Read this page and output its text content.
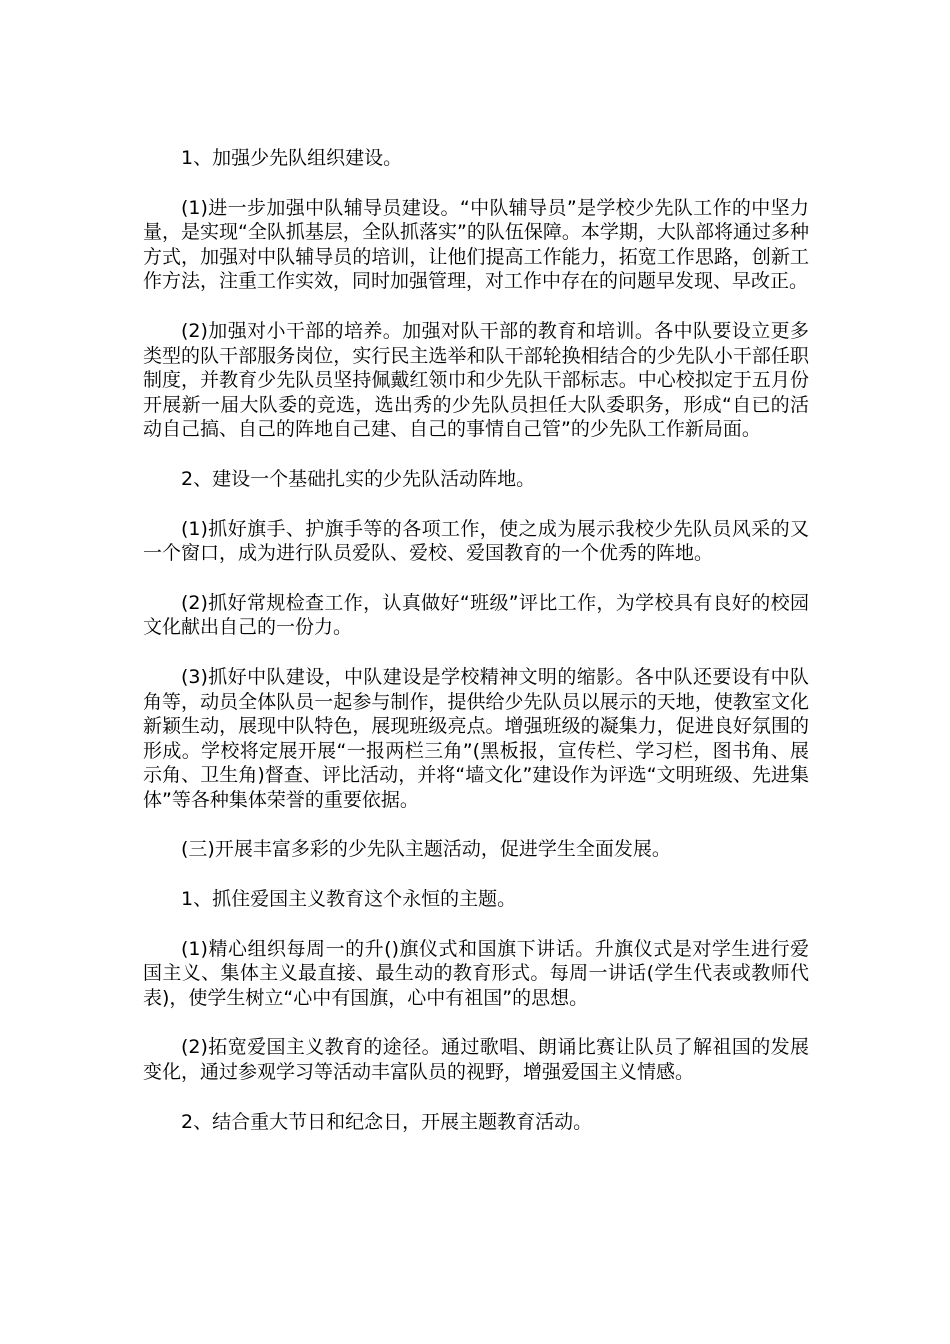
1、加强少先队组织建设。

(1)进一步加强中队辅导员建设。“中队辅导员”是学校少先队工作的中坚力量，是实现“全队抓基层，全队抓落实”的队伍保障。本学期，大队部将通过多种方式，加强对中队辅导员的培训，让他们提高工作能力，拓宽工作思路，创新工作方法，注重工作实效，同时加强管理，对工作中存在的问题早发现、早改正。

(2)加强对小干部的培养。加强对队干部的教育和培训。各中队要设立更多类型的队干部服务岗位，实行民主选举和队干部轮换相结合的少先队小干部任职制度，并教育少先队员坚持佩戴红领巾和少先队干部标志。中心校拟定于五月份开展新一届大队委的竞选，选出秀的少先队员担任大队委职务，形成“自已的活动自己搞、自己的阵地自己建、自己的事情自己管”的少先队工作新局面。

2、建设一个基础扎实的少先队活动阵地。

(1)抓好旗手、护旗手等的各项工作，使之成为展示我校少先队员风采的又一个窗口，成为进行队员爱队、爱校、爱国教育的一个优秀的阵地。

(2)抓好常规检查工作，认真做好“班级”评比工作，为学校具有良好的校园文化献出自己的一份力。

(3)抓好中队建设，中队建设是学校精神文明的缩影。各中队还要设有中队角等，动员全体队员一起参与制作，提供给少先队员以展示的天地，使教室文化新颖生动，展现中队特色，展现班级亮点。增强班级的凝集力，促进良好氛围的形成。学校将定展开展“一报两栏三角”(黑板报，宣传栏、学习栏，图书角、展示角、卫生角)督查、评比活动，并将“墙文化”建设作为评选“文明班级、先进集体”等各种集体荣誉的重要依据。

(三)开展丰富多彩的少先队主题活动，促进学生全面发展。

1、抓住爱国主义教育这个永恒的主题。

(1)精心组织每周一的升()旗仪式和国旗下讲话。升旗仪式是对学生进行爱国主义、集体主义最直接、最生动的教育形式。每周一讲话(学生代表或教师代表)，使学生树立“心中有国旗，心中有祖国”的思想。

(2)拓宽爱国主义教育的途径。通过歌唱、朗诵比赛让队员了解祖国的发展变化，通过参观学习等活动丰富队员的视野，增强爱国主义情感。

2、结合重大节日和纪念日，开展主题教育活动。
